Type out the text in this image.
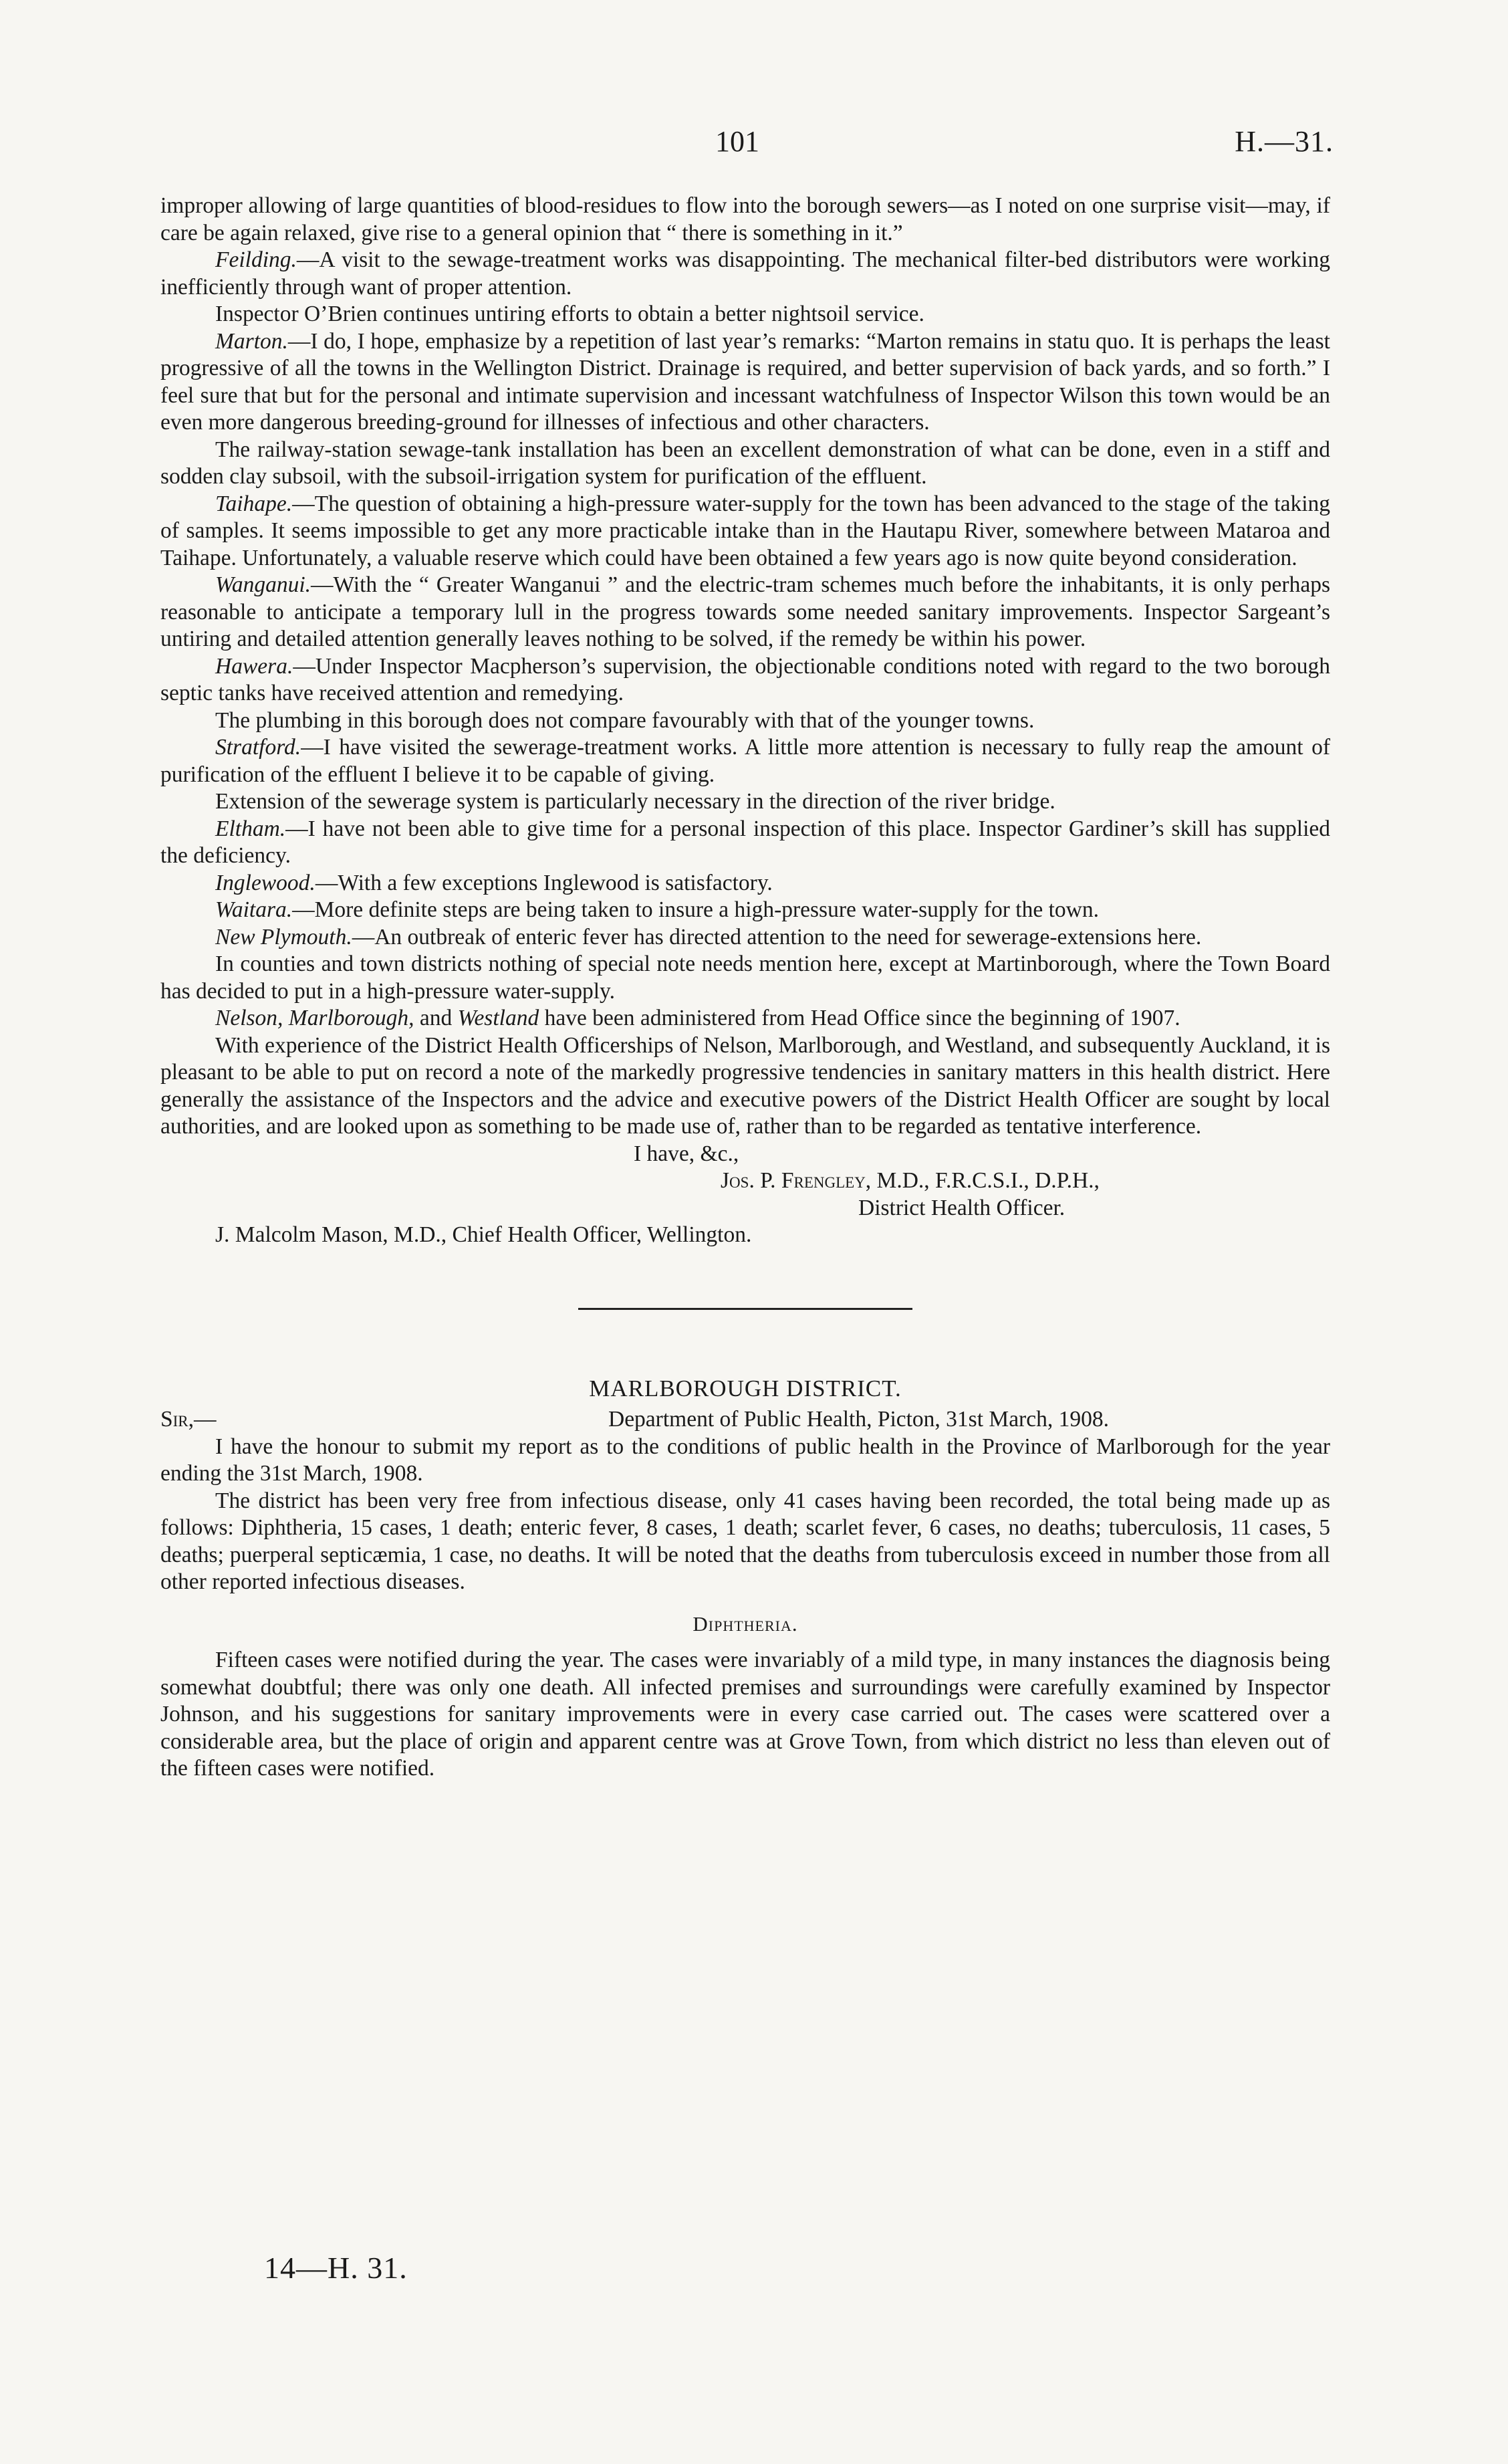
101	H.—31.

improper allowing of large quantities of blood-residues to flow into the borough sewers—as I noted on one surprise visit—may, if care be again relaxed, give rise to a general opinion that “ there is something in it.”

Feilding.—A visit to the sewage-treatment works was disappointing. The mechanical filter-bed distributors were working inefficiently through want of proper attention.

Inspector O’Brien continues untiring efforts to obtain a better nightsoil service.

Marton.—I do, I hope, emphasize by a repetition of last year’s remarks: “Marton remains in statu quo. It is perhaps the least progressive of all the towns in the Wellington District. Drainage is required, and better supervision of back yards, and so forth.” I feel sure that but for the personal and intimate supervision and incessant watchfulness of Inspector Wilson this town would be an even more dangerous breeding-ground for illnesses of infectious and other characters.

The railway-station sewage-tank installation has been an excellent demonstration of what can be done, even in a stiff and sodden clay subsoil, with the subsoil-irrigation system for purification of the effluent.

Taihape.—The question of obtaining a high-pressure water-supply for the town has been advanced to the stage of the taking of samples. It seems impossible to get any more practicable intake than in the Hautapu River, somewhere between Mataroa and Taihape. Unfortunately, a valuable reserve which could have been obtained a few years ago is now quite beyond consideration.

Wanganui.—With the “ Greater Wanganui ” and the electric-tram schemes much before the inhabitants, it is only perhaps reasonable to anticipate a temporary lull in the progress towards some needed sanitary improvements. Inspector Sargeant’s untiring and detailed attention generally leaves nothing to be solved, if the remedy be within his power.

Hawera.—Under Inspector Macpherson’s supervision, the objectionable conditions noted with regard to the two borough septic tanks have received attention and remedying.

The plumbing in this borough does not compare favourably with that of the younger towns.

Stratford.—I have visited the sewerage-treatment works. A little more attention is necessary to fully reap the amount of purification of the effluent I believe it to be capable of giving.

Extension of the sewerage system is particularly necessary in the direction of the river bridge.

Eltham.—I have not been able to give time for a personal inspection of this place. Inspector Gardiner’s skill has supplied the deficiency.

Inglewood.—With a few exceptions Inglewood is satisfactory.

Waitara.—More definite steps are being taken to insure a high-pressure water-supply for the town.

New Plymouth.—An outbreak of enteric fever has directed attention to the need for sewerage-extensions here.

In counties and town districts nothing of special note needs mention here, except at Martinborough, where the Town Board has decided to put in a high-pressure water-supply.

Nelson, Marlborough, and Westland have been administered from Head Office since the beginning of 1907.

With experience of the District Health Officerships of Nelson, Marlborough, and Westland, and subsequently Auckland, it is pleasant to be able to put on record a note of the markedly progressive tendencies in sanitary matters in this health district. Here generally the assistance of the Inspectors and the advice and executive powers of the District Health Officer are sought by local authorities, and are looked upon as something to be made use of, rather than to be regarded as tentative interference.

I have, &c.,

Jos. P. Frengley, M.D., F.R.C.S.I., D.P.H.,

District Health Officer.

J. Malcolm Mason, M.D., Chief Health Officer, Wellington.

MARLBOROUGH DISTRICT.

Sir,—	Department of Public Health, Picton, 31st March, 1908.

I have the honour to submit my report as to the conditions of public health in the Province of Marlborough for the year ending the 31st March, 1908.

The district has been very free from infectious disease, only 41 cases having been recorded, the total being made up as follows: Diphtheria, 15 cases, 1 death; enteric fever, 8 cases, 1 death; scarlet fever, 6 cases, no deaths; tuberculosis, 11 cases, 5 deaths; puerperal septicæmia, 1 case, no deaths. It will be noted that the deaths from tuberculosis exceed in number those from all other reported infectious diseases.

Diphtheria.

Fifteen cases were notified during the year. The cases were invariably of a mild type, in many instances the diagnosis being somewhat doubtful; there was only one death. All infected premises and surroundings were carefully examined by Inspector Johnson, and his suggestions for sanitary improvements were in every case carried out. The cases were scattered over a considerable area, but the place of origin and apparent centre was at Grove Town, from which district no less than eleven out of the fifteen cases were notified.

14—H. 31.
